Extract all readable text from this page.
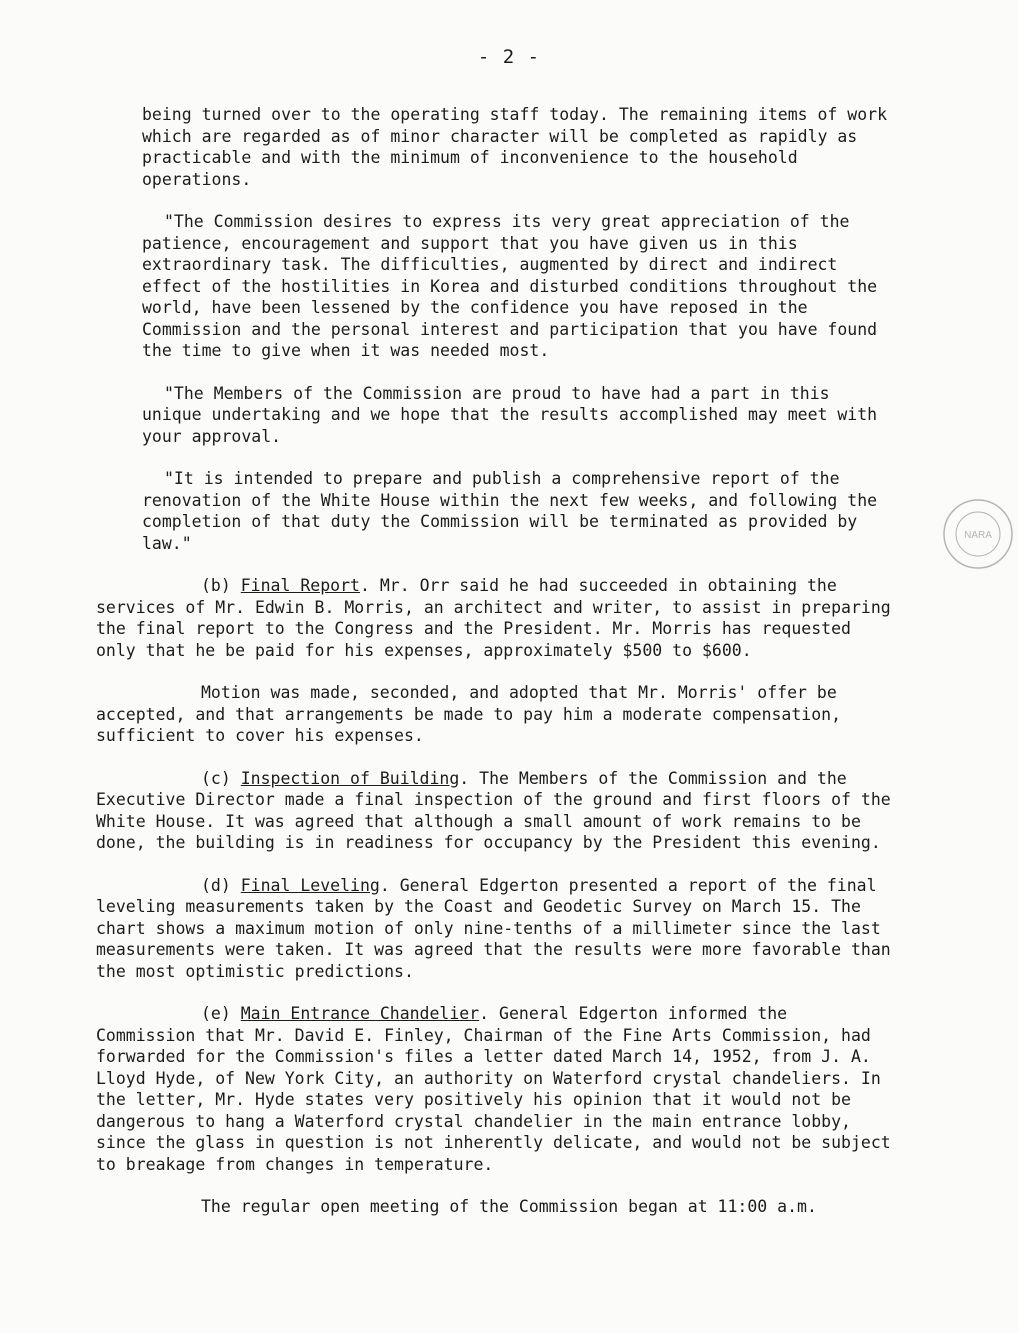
- 2 -

being turned over to the operating staff today. The remaining items of work which are regarded as of minor character will be completed as rapidly as practicable and with the minimum of inconvenience to the household operations.

"The Commission desires to express its very great appreciation of the patience, encouragement and support that you have given us in this extraordinary task. The difficulties, augmented by direct and indirect effect of the hostilities in Korea and disturbed conditions throughout the world, have been lessened by the confidence you have reposed in the Commission and the personal interest and participation that you have found the time to give when it was needed most.

"The Members of the Commission are proud to have had a part in this unique undertaking and we hope that the results accomplished may meet with your approval.

"It is intended to prepare and publish a comprehensive report of the renovation of the White House within the next few weeks, and following the completion of that duty the Commission will be terminated as provided by law."

(b) Final Report. Mr. Orr said he had succeeded in obtaining the services of Mr. Edwin B. Morris, an architect and writer, to assist in preparing the final report to the Congress and the President. Mr. Morris has requested only that he be paid for his expenses, approximately $500 to $600.

Motion was made, seconded, and adopted that Mr. Morris' offer be accepted, and that arrangements be made to pay him a moderate compensation, sufficient to cover his expenses.

(c) Inspection of Building. The Members of the Commission and the Executive Director made a final inspection of the ground and first floors of the White House. It was agreed that although a small amount of work remains to be done, the building is in readiness for occupancy by the President this evening.

(d) Final Leveling. General Edgerton presented a report of the final leveling measurements taken by the Coast and Geodetic Survey on March 15. The chart shows a maximum motion of only nine-tenths of a millimeter since the last measurements were taken. It was agreed that the results were more favorable than the most optimistic predictions.

(e) Main Entrance Chandelier. General Edgerton informed the Commission that Mr. David E. Finley, Chairman of the Fine Arts Commission, had forwarded for the Commission's files a letter dated March 14, 1952, from J. A. Lloyd Hyde, of New York City, an authority on Waterford crystal chandeliers. In the letter, Mr. Hyde states very positively his opinion that it would not be dangerous to hang a Waterford crystal chandelier in the main entrance lobby, since the glass in question is not inherently delicate, and would not be subject to breakage from changes in temperature.

The regular open meeting of the Commission began at 11:00 a.m.

NARA
